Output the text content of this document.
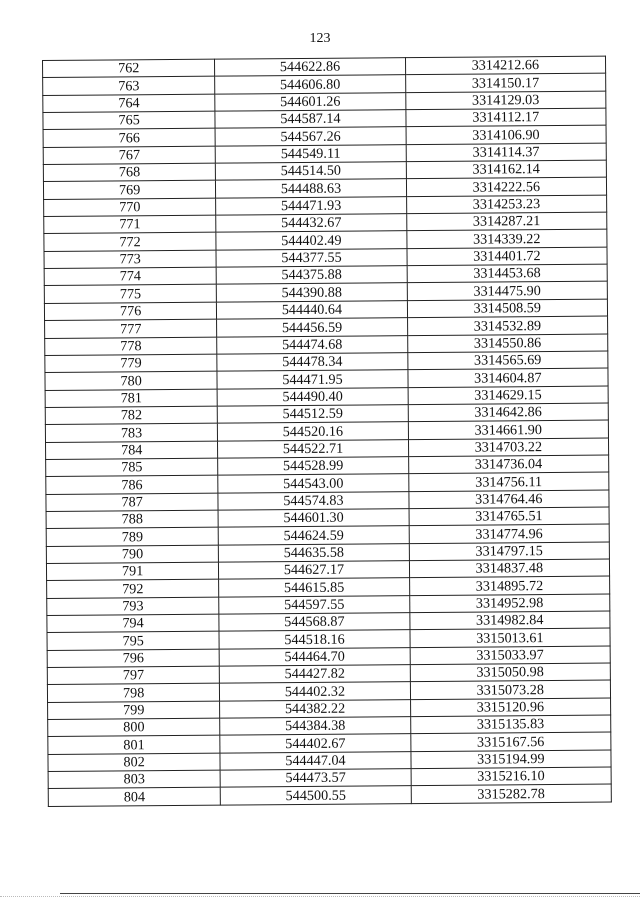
123
762	544622.86	3314212.66
763	544606.80	3314150.17
764	544601.26	3314129.03
765	544587.14	3314112.17
766	544567.26	3314106.90
767	544549.11	3314114.37
768	544514.50	3314162.14
769	544488.63	3314222.56
770	544471.93	3314253.23
771	544432.67	3314287.21
772	544402.49	3314339.22
773	544377.55	3314401.72
774	544375.88	3314453.68
775	544390.88	3314475.90
776	544440.64	3314508.59
777	544456.59	3314532.89
778	544474.68	3314550.86
779	544478.34	3314565.69
780	544471.95	3314604.87
781	544490.40	3314629.15
782	544512.59	3314642.86
783	544520.16	3314661.90
784	544522.71	3314703.22
785	544528.99	3314736.04
786	544543.00	3314756.11
787	544574.83	3314764.46
788	544601.30	3314765.51
789	544624.59	3314774.96
790	544635.58	3314797.15
791	544627.17	3314837.48
792	544615.85	3314895.72
793	544597.55	3314952.98
794	544568.87	3314982.84
795	544518.16	3315013.61
796	544464.70	3315033.97
797	544427.82	3315050.98
798	544402.32	3315073.28
799	544382.22	3315120.96
800	544384.38	3315135.83
801	544402.67	3315167.56
802	544447.04	3315194.99
803	544473.57	3315216.10
804	544500.55	3315282.78
